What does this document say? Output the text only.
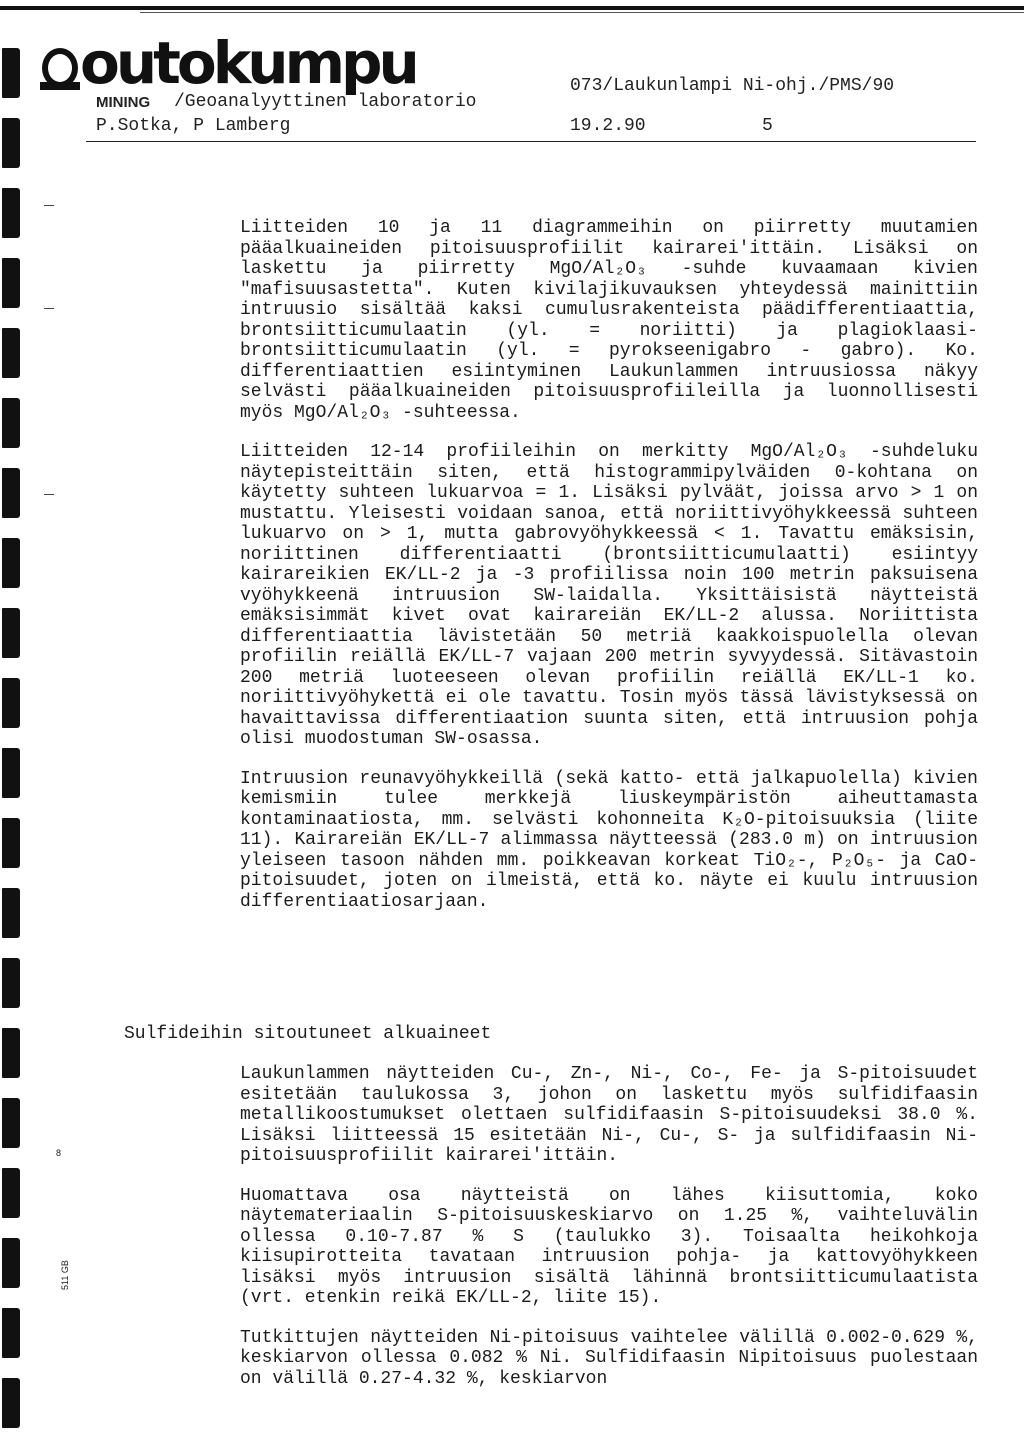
8
511 GB
outokumpu
MINING /Geoanalyyttinen laboratorio
P.Sotka, P Lamberg
073/Laukunlampi Ni-ohj./PMS/90
19.2.90	5

Liitteiden 10 ja 11 diagrammeihin on piirretty muutamien pääalkuaineiden pitoisuusprofiilit kairarei'ittäin. Lisäksi on laskettu ja piirretty MgO/Al₂O₃ -suhde kuvaamaan kivien "mafisuusastetta". Kuten kivilajikuvauksen yhteydessä mainittiin intruusio sisältää kaksi cumulusrakenteista päädifferentiaattia, brontsiitticumulaatin (yl. = noriitti) ja plagioklaasi-brontsiitticumulaatin (yl. = pyrokseenigabro - gabro). Ko. differentiaattien esiintyminen Laukunlammen intruusiossa näkyy selvästi pääalkuaineiden pitoisuusprofiileilla ja luonnollisesti myös MgO/Al₂O₃ -suhteessa.

Liitteiden 12-14 profiileihin on merkitty MgO/Al₂O₃ -suhdeluku näytepisteittäin siten, että histogrammipylväiden 0-kohtana on käytetty suhteen lukuarvoa = 1. Lisäksi pylväät, joissa arvo > 1 on mustattu. Yleisesti voidaan sanoa, että noriittivyöhykkeessä suhteen lukuarvo on > 1, mutta gabrovyöhykkeessä < 1. Tavattu emäksisin, noriittinen differentiaatti (brontsiitticumulaatti) esiintyy kairareikien EK/LL-2 ja -3 profiilissa noin 100 metrin paksuisena vyöhykkeenä intruusion SW-laidalla. Yksittäisistä näytteistä emäksisimmät kivet ovat kairareiän EK/LL-2 alussa. Noriittista differentiaattia lävistetään 50 metriä kaakkoispuolella olevan profiilin reiällä EK/LL-7 vajaan 200 metrin syvyydessä. Sitävastoin 200 metriä luoteeseen olevan profiilin reiällä EK/LL-1 ko. noriittivyöhykettä ei ole tavattu. Tosin myös tässä lävistyksessä on havaittavissa differentiaation suunta siten, että intruusion pohja olisi muodostuman SW-osassa.

Intruusion reunavyöhykkeillä (sekä katto- että jalkapuolella) kivien kemismiin tulee merkkejä liuskeympäristön aiheuttamasta kontaminaatiosta, mm. selvästi kohonneita K₂O-pitoisuuksia (liite 11). Kairareiän EK/LL-7 alimmassa näytteessä (283.0 m) on intruusion yleiseen tasoon nähden mm. poikkeavan korkeat TiO₂-, P₂O₅- ja CaO-pitoisuudet, joten on ilmeistä, että ko. näyte ei kuulu intruusion differentiaatiosarjaan.

Sulfideihin sitoutuneet alkuaineet

Laukunlammen näytteiden Cu-, Zn-, Ni-, Co-, Fe- ja S-pitoisuudet esitetään taulukossa 3, johon on laskettu myös sulfidifaasin metallikoostumukset olettaen sulfidifaasin S-pitoisuudeksi 38.0 %. Lisäksi liitteessä 15 esitetään Ni-, Cu-, S- ja sulfidifaasin Ni-pitoisuusprofiilit kairarei'ittäin.

Huomattava osa näytteistä on lähes kiisuttomia, koko näytemateriaalin S-pitoisuuskeskiarvo on 1.25 %, vaihteluvälin ollessa 0.10-7.87 % S (taulukko 3). Toisaalta heikohkoja kiisupirotteita tavataan intruusion pohja- ja kattovyöhykkeen lisäksi myös intruusion sisältä lähinnä brontsiitticumulaatista (vrt. etenkin reikä EK/LL-2, liite 15).

Tutkittujen näytteiden Ni-pitoisuus vaihtelee välillä 0.002-0.629 %, keskiarvon ollessa 0.082 % Ni. Sulfidifaasin Nipitoisuus puolestaan on välillä 0.27-4.32 %, keskiarvon
